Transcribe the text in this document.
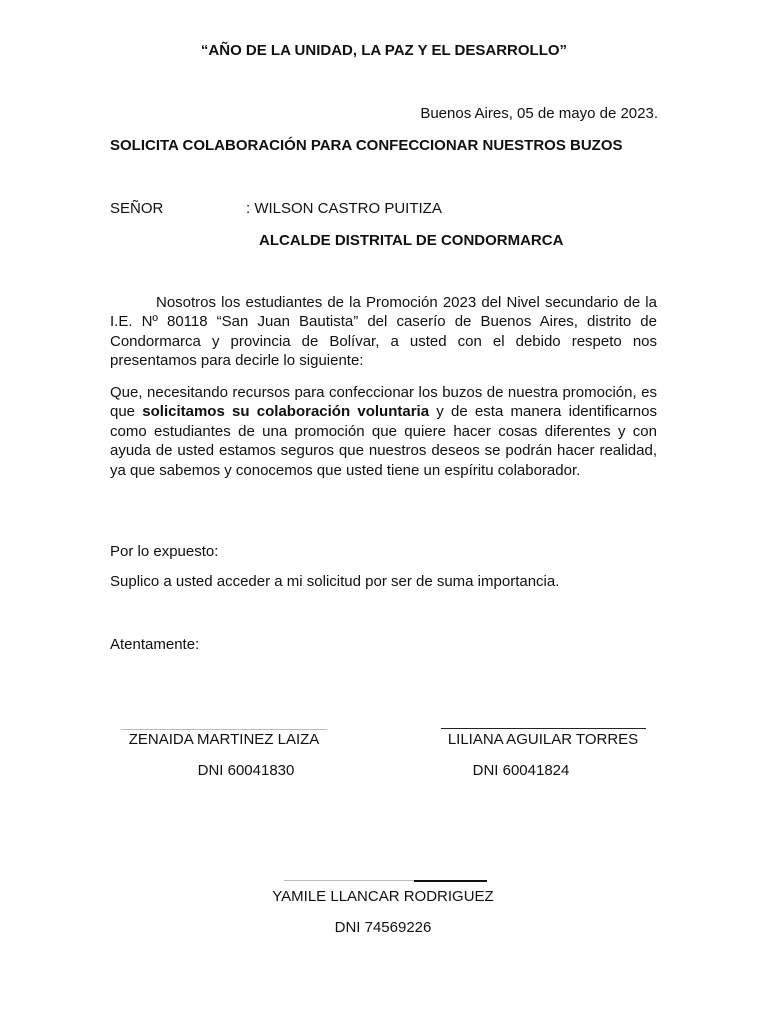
“AÑO DE LA UNIDAD, LA PAZ Y EL DESARROLLO”
Buenos Aires, 05 de mayo de 2023.
SOLICITA COLABORACIÓN PARA CONFECCIONAR NUESTROS BUZOS
SEÑOR	: WILSON CASTRO PUITIZA
ALCALDE DISTRITAL DE CONDORMARCA

Nosotros los estudiantes de la Promoción 2023 del Nivel secundario de la I.E. Nº 80118 “San Juan Bautista” del caserío de Buenos Aires, distrito de Condormarca y provincia de Bolívar, a usted con el debido respeto nos presentamos para decirle lo siguiente:

Que, necesitando recursos para confeccionar los buzos de nuestra promoción, es que solicitamos su colaboración voluntaria y de esta manera identificarnos como estudiantes de una promoción que quiere hacer cosas diferentes y con ayuda de usted estamos seguros que nuestros deseos se podrán hacer realidad, ya que sabemos y conocemos que usted tiene un espíritu colaborador.

Por lo expuesto:
Suplico a usted acceder a mi solicitud por ser de suma importancia.
Atentamente:
ZENAIDA MARTINEZ LAIZA
DNI 60041830
LILIANA AGUILAR TORRES
DNI 60041824
YAMILE LLANCAR RODRIGUEZ
DNI 74569226
